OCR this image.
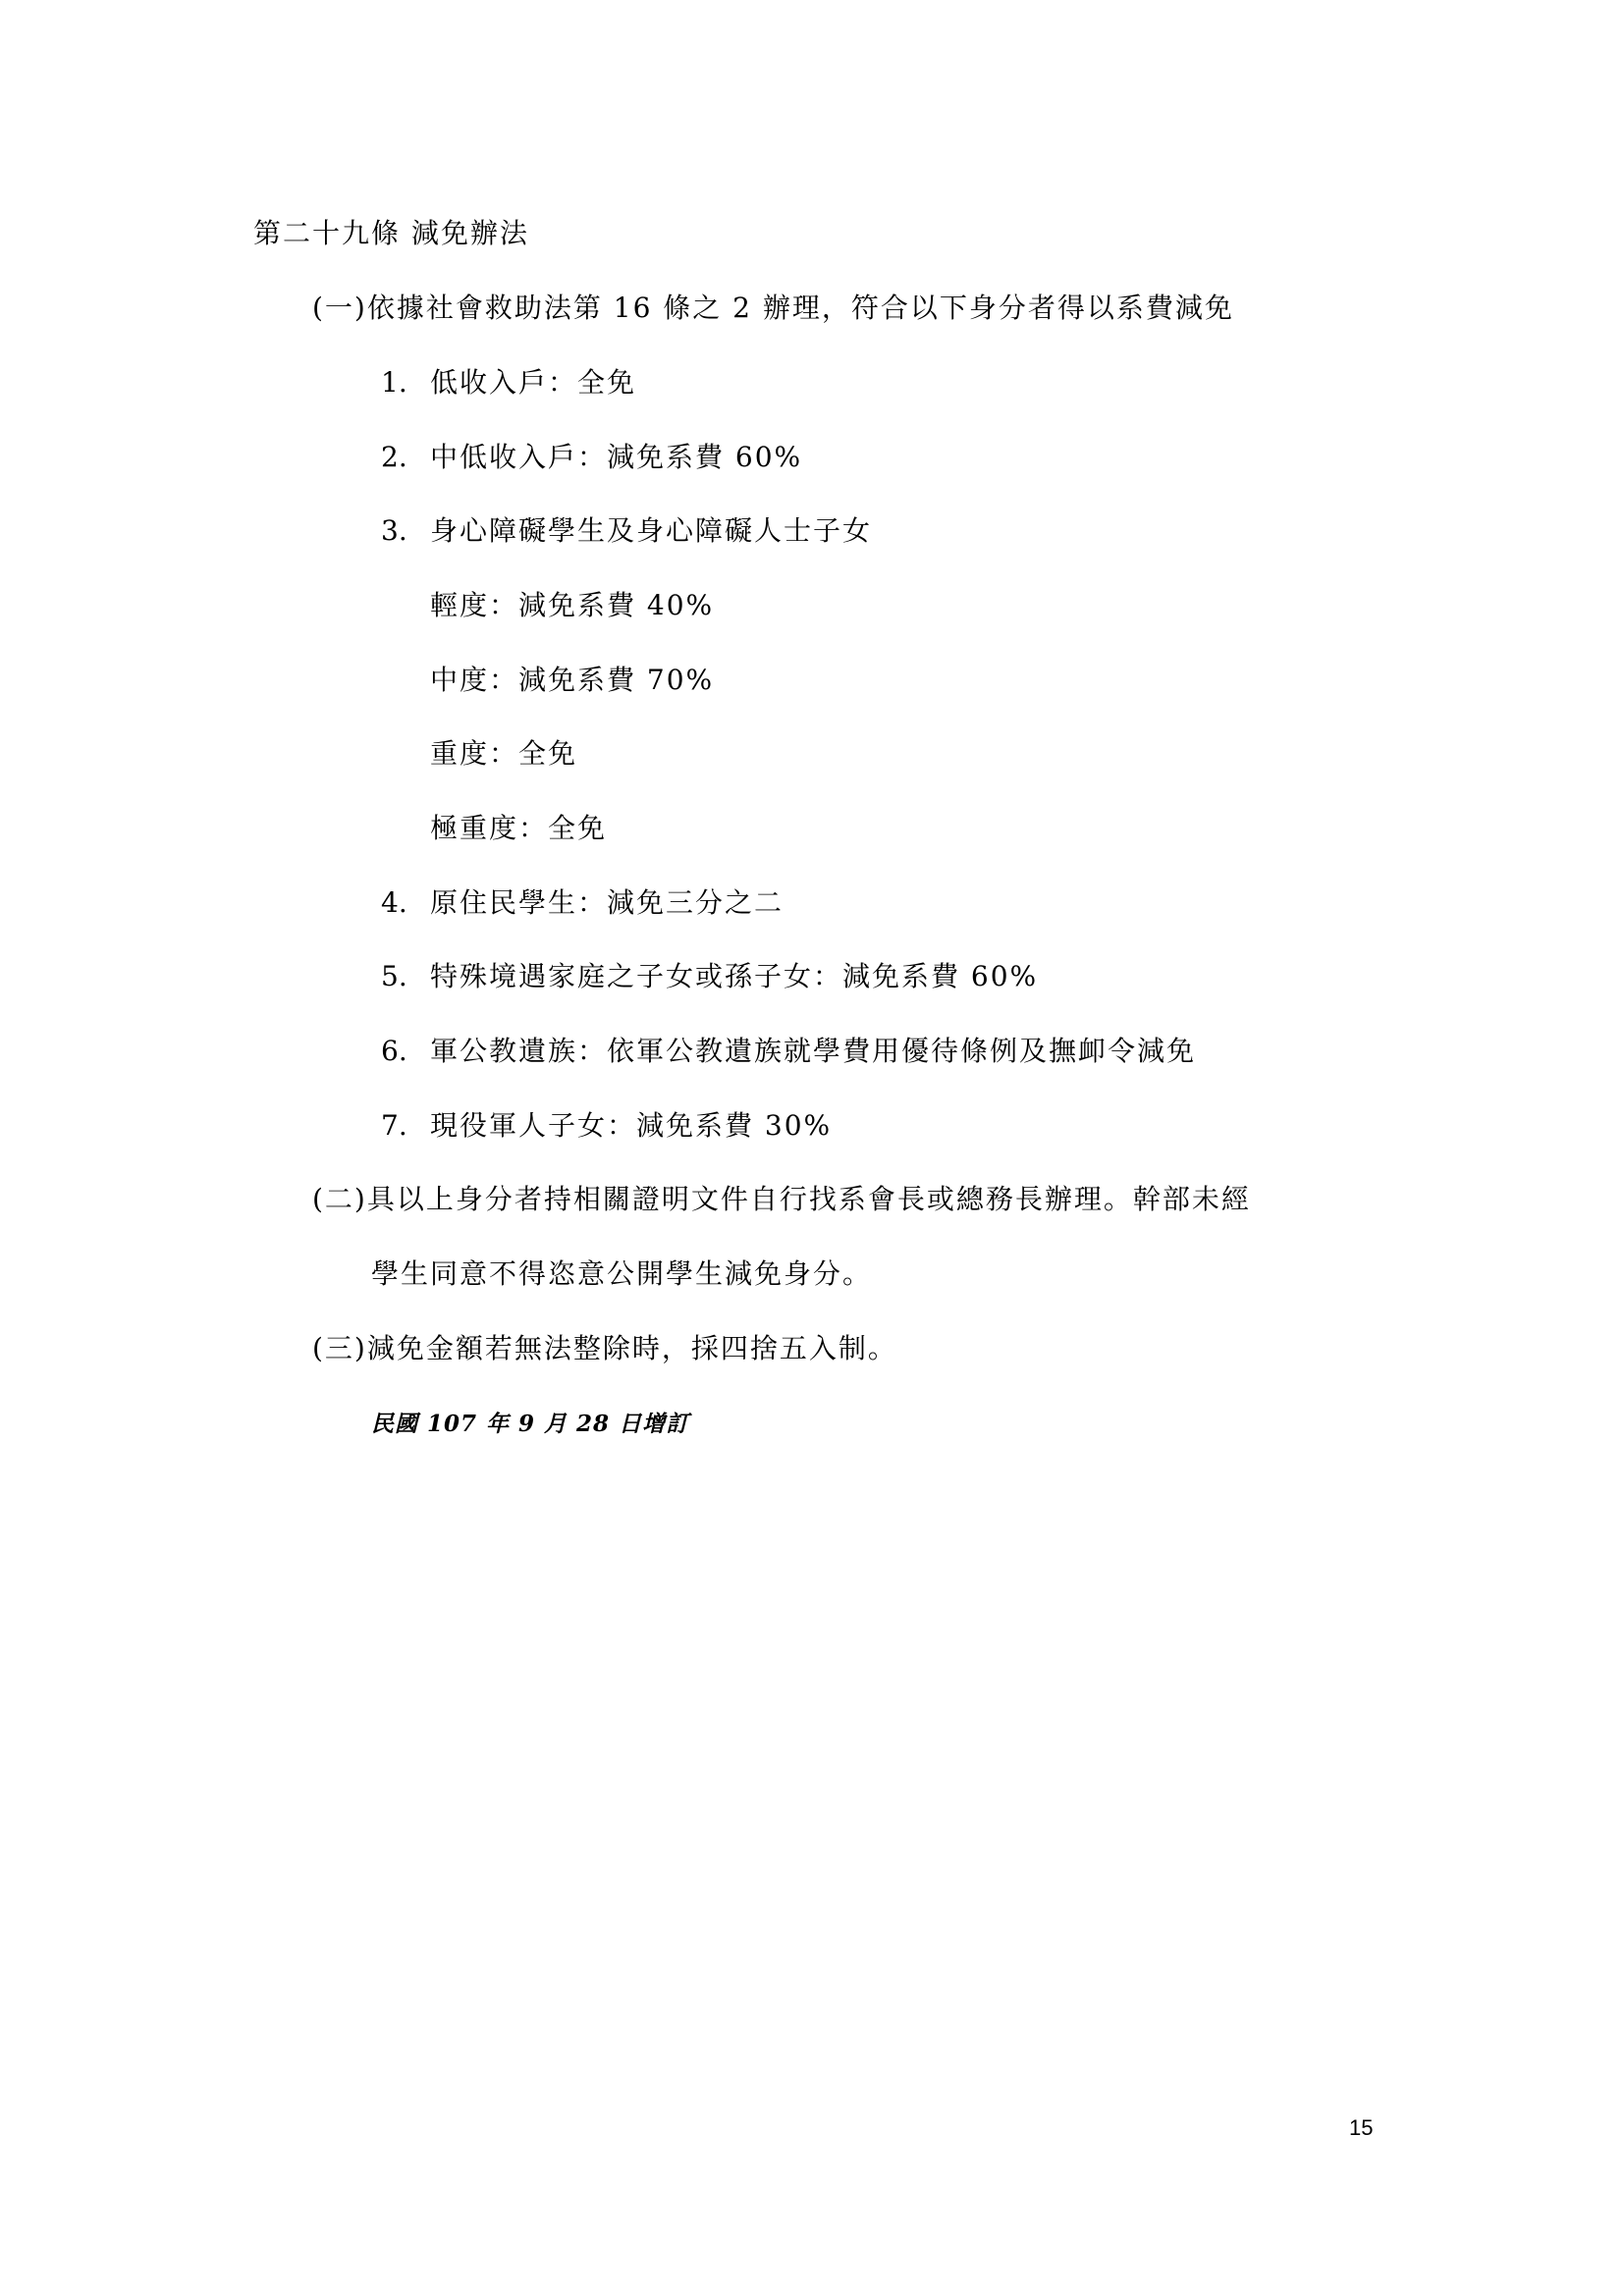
第二十九條 減免辦法
(一)依據社會救助法第 16 條之 2 辦理，符合以下身分者得以系費減免
1. 低收入戶：全免
2. 中低收入戶：減免系費 60%
3. 身心障礙學生及身心障礙人士子女
輕度：減免系費 40%
中度：減免系費 70%
重度：全免
極重度：全免
4. 原住民學生：減免三分之二
5. 特殊境遇家庭之子女或孫子女：減免系費 60%
6. 軍公教遺族：依軍公教遺族就學費用優待條例及撫卹令減免
7. 現役軍人子女：減免系費 30%
(二)具以上身分者持相關證明文件自行找系會長或總務長辦理。幹部未經
學生同意不得恣意公開學生減免身分。
(三)減免金額若無法整除時，採四捨五入制。
民國 107 年 9 月 28 日增訂
15
